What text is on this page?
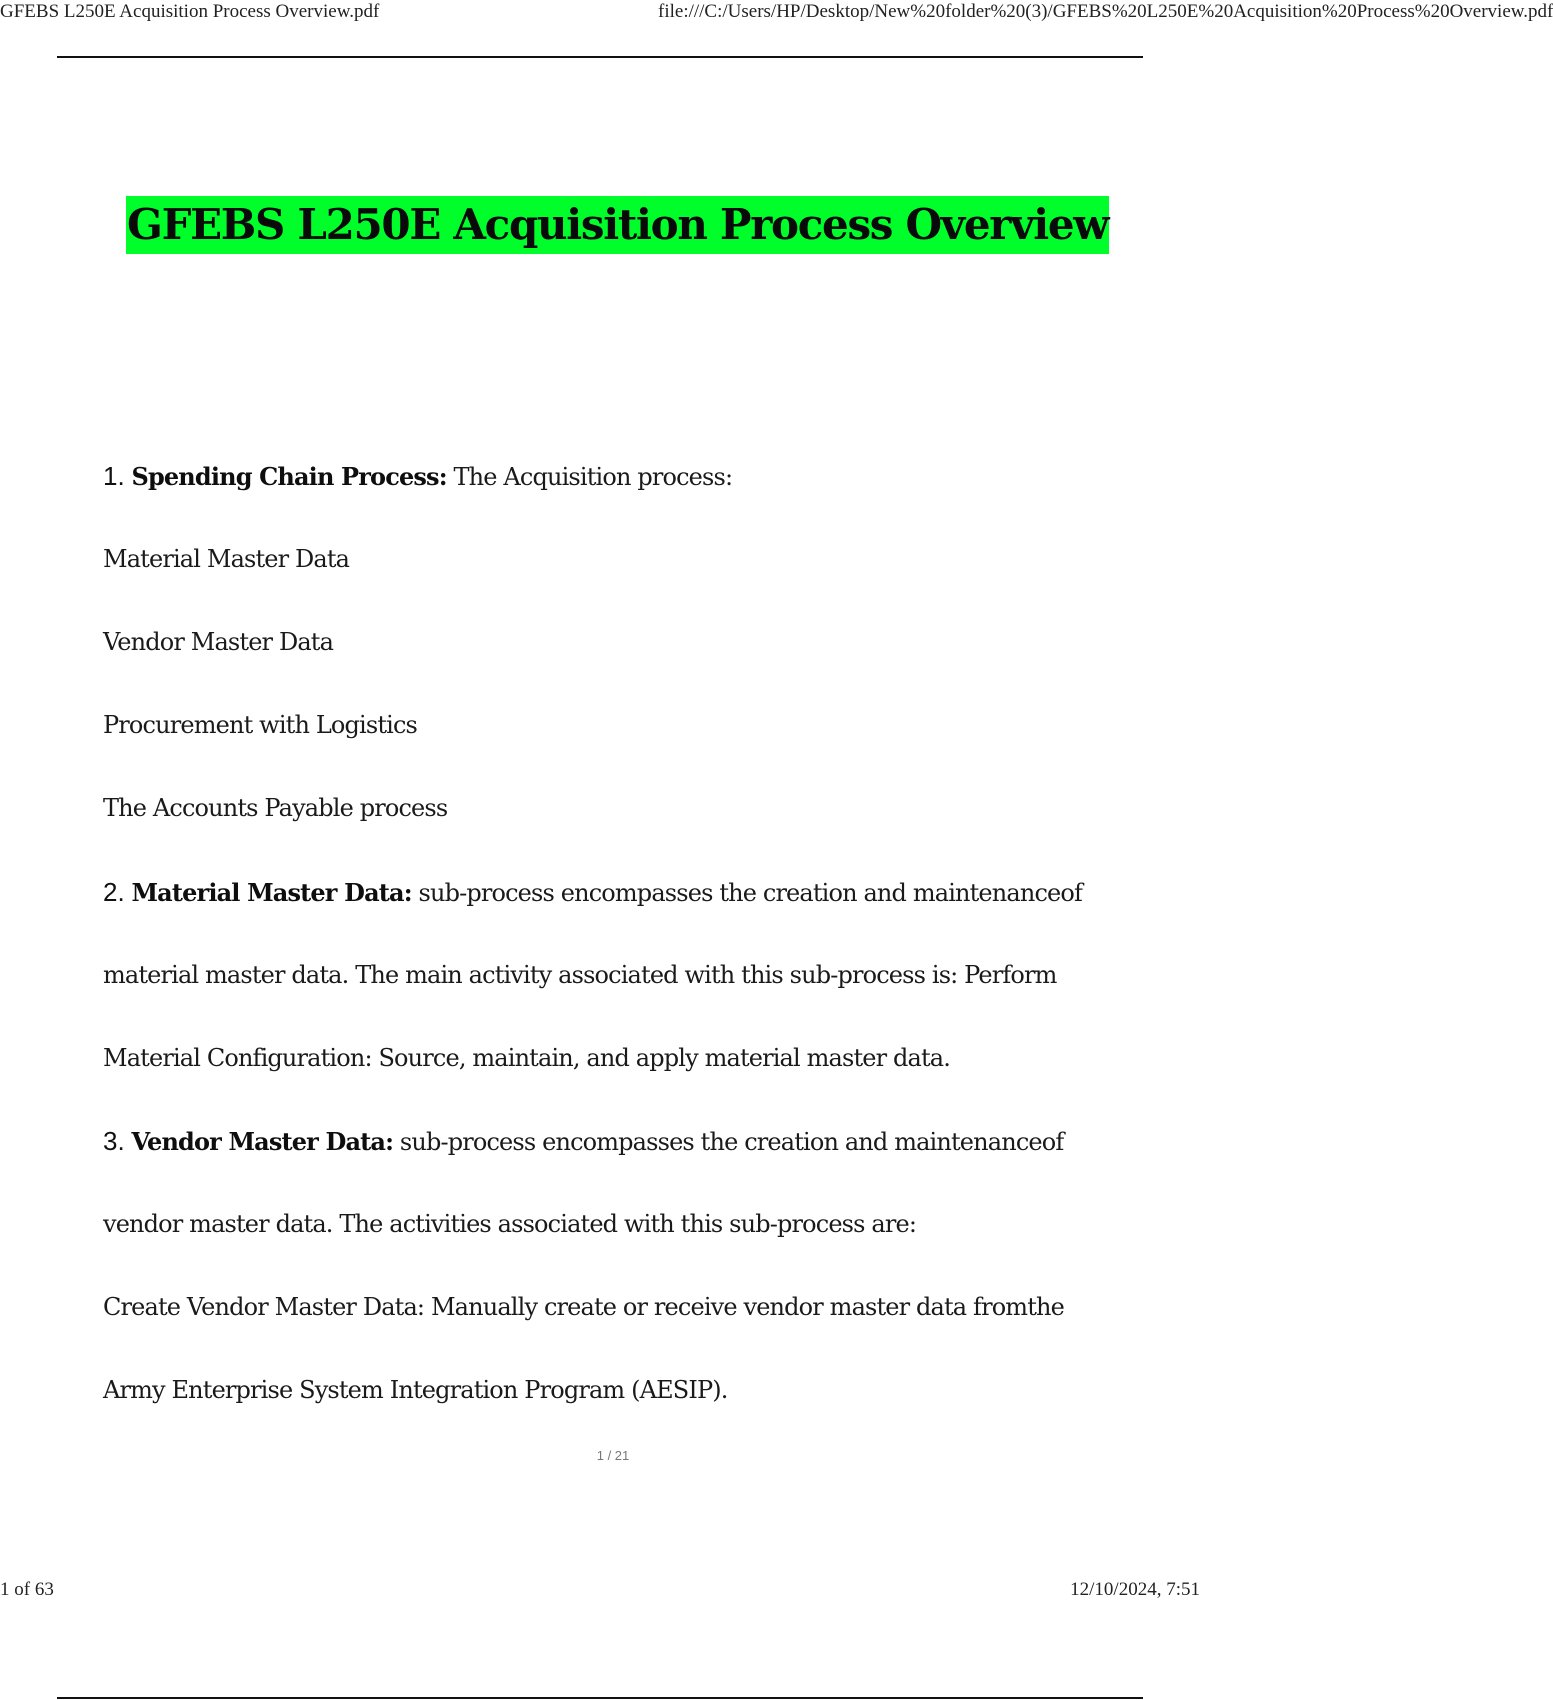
GFEBS L250E Acquisition Process Overview.pdf	file:///C:/Users/HP/Desktop/New%20folder%20(3)/GFEBS%20L250E%20Acquisition%20Process%20Overview.pdf
GFEBS L250E Acquisition Process Overview
1. Spending Chain Process: The Acquisition process:
Material Master Data
Vendor Master Data
Procurement with Logistics
The Accounts Payable process
2. Material Master Data: sub-process encompasses the creation and maintenanceof
material master data. The main activity associated with this sub-process is: Perform
Material Configuration: Source, maintain, and apply material master data.
3. Vendor Master Data: sub-process encompasses the creation and maintenanceof
vendor master data. The activities associated with this sub-process are:
Create Vendor Master Data: Manually create or receive vendor master data fromthe
Army Enterprise System Integration Program (AESIP).
1 / 21
1 of 63	12/10/2024, 7:51
